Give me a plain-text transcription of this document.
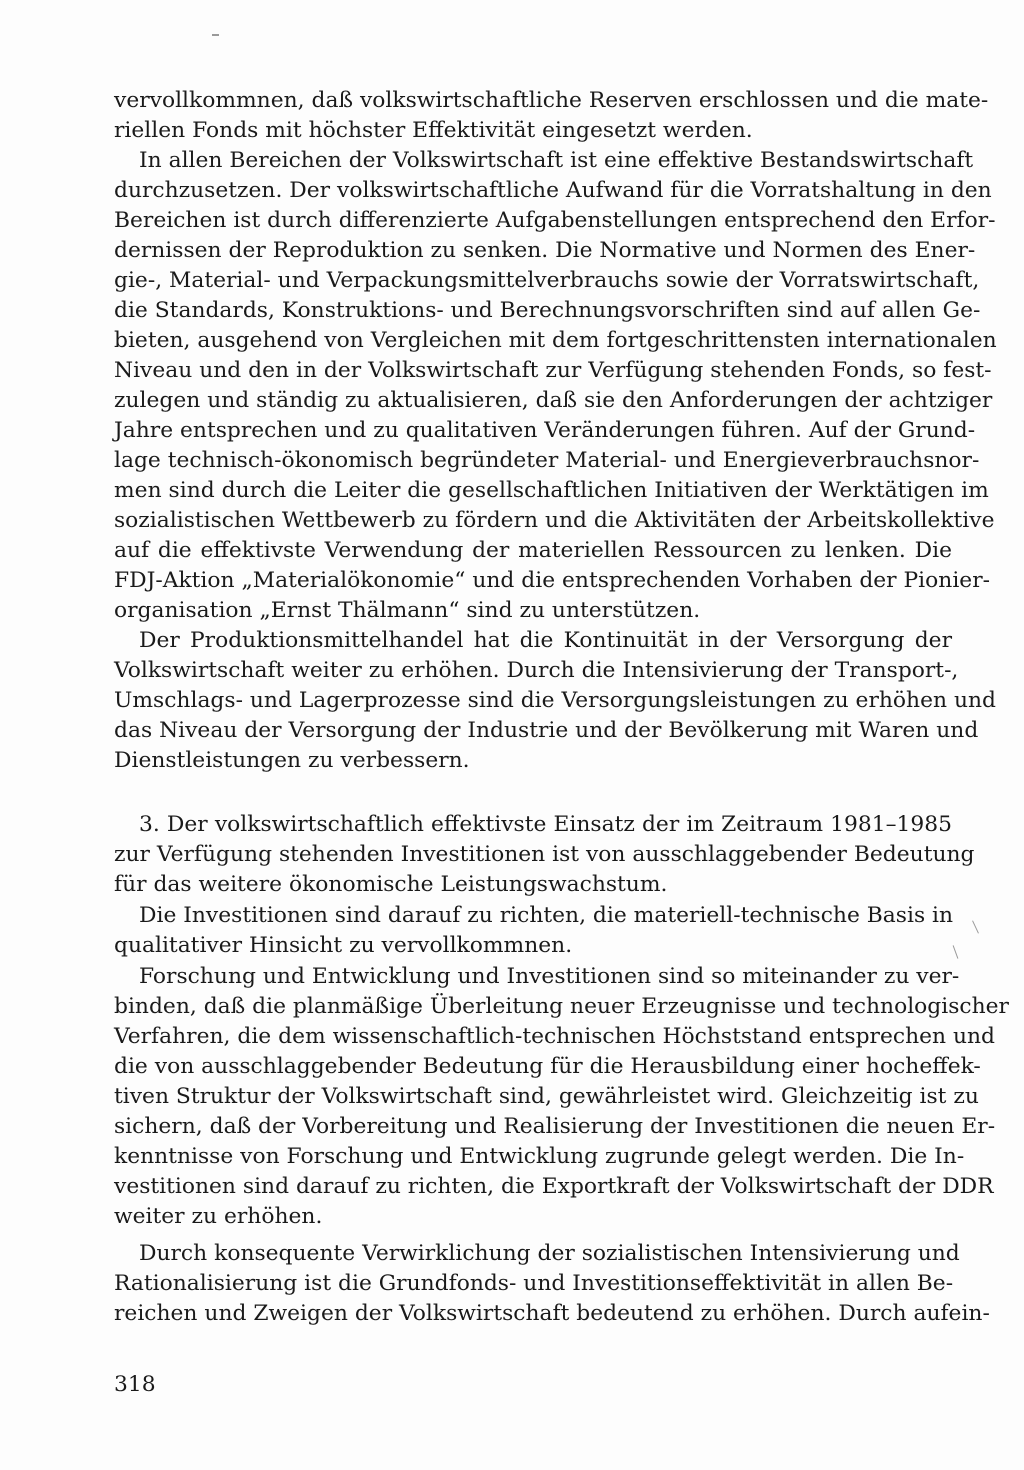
vervollkommnen, daß volkswirtschaftliche Reserven erschlossen und die mate-
riellen Fonds mit höchster Effektivität eingesetzt werden.
In allen Bereichen der Volkswirtschaft ist eine effektive Bestandswirtschaft
durchzusetzen. Der volkswirtschaftliche Aufwand für die Vorratshaltung in den
Bereichen ist durch differenzierte Aufgabenstellungen entsprechend den Erfor-
dernissen der Reproduktion zu senken. Die Normative und Normen des Ener-
gie-, Material- und Verpackungsmittelverbrauchs sowie der Vorratswirtschaft,
die Standards, Konstruktions- und Berechnungsvorschriften sind auf allen Ge-
bieten, ausgehend von Vergleichen mit dem fortgeschrittensten internationalen
Niveau und den in der Volkswirtschaft zur Verfügung stehenden Fonds, so fest-
zulegen und ständig zu aktualisieren, daß sie den Anforderungen der achtziger
Jahre entsprechen und zu qualitativen Veränderungen führen. Auf der Grund-
lage technisch-ökonomisch begründeter Material- und Energieverbrauchsnor-
men sind durch die Leiter die gesellschaftlichen Initiativen der Werktätigen im
sozialistischen Wettbewerb zu fördern und die Aktivitäten der Arbeitskollektive
auf die effektivste Verwendung der materiellen Ressourcen zu lenken. Die
FDJ-Aktion „Materialökonomie“ und die entsprechenden Vorhaben der Pionier-
organisation „Ernst Thälmann“ sind zu unterstützen.
Der Produktionsmittelhandel hat die Kontinuität in der Versorgung der
Volkswirtschaft weiter zu erhöhen. Durch die Intensivierung der Transport-,
Umschlags- und Lagerprozesse sind die Versorgungsleistungen zu erhöhen und
das Niveau der Versorgung der Industrie und der Bevölkerung mit Waren und
Dienstleistungen zu verbessern.
3. Der volkswirtschaftlich effektivste Einsatz der im Zeitraum 1981–1985
zur Verfügung stehenden Investitionen ist von ausschlaggebender Bedeutung
für das weitere ökonomische Leistungswachstum.
Die Investitionen sind darauf zu richten, die materiell-technische Basis in
qualitativer Hinsicht zu vervollkommnen.
Forschung und Entwicklung und Investitionen sind so miteinander zu ver-
binden, daß die planmäßige Überleitung neuer Erzeugnisse und technologischer
Verfahren, die dem wissenschaftlich-technischen Höchststand entsprechen und
die von ausschlaggebender Bedeutung für die Herausbildung einer hocheffek-
tiven Struktur der Volkswirtschaft sind, gewährleistet wird. Gleichzeitig ist zu
sichern, daß der Vorbereitung und Realisierung der Investitionen die neuen Er-
kenntnisse von Forschung und Entwicklung zugrunde gelegt werden. Die In-
vestitionen sind darauf zu richten, die Exportkraft der Volkswirtschaft der DDR
weiter zu erhöhen.
Durch konsequente Verwirklichung der sozialistischen Intensivierung und
Rationalisierung ist die Grundfonds- und Investitionseffektivität in allen Be-
reichen und Zweigen der Volkswirtschaft bedeutend zu erhöhen. Durch aufein-
318
